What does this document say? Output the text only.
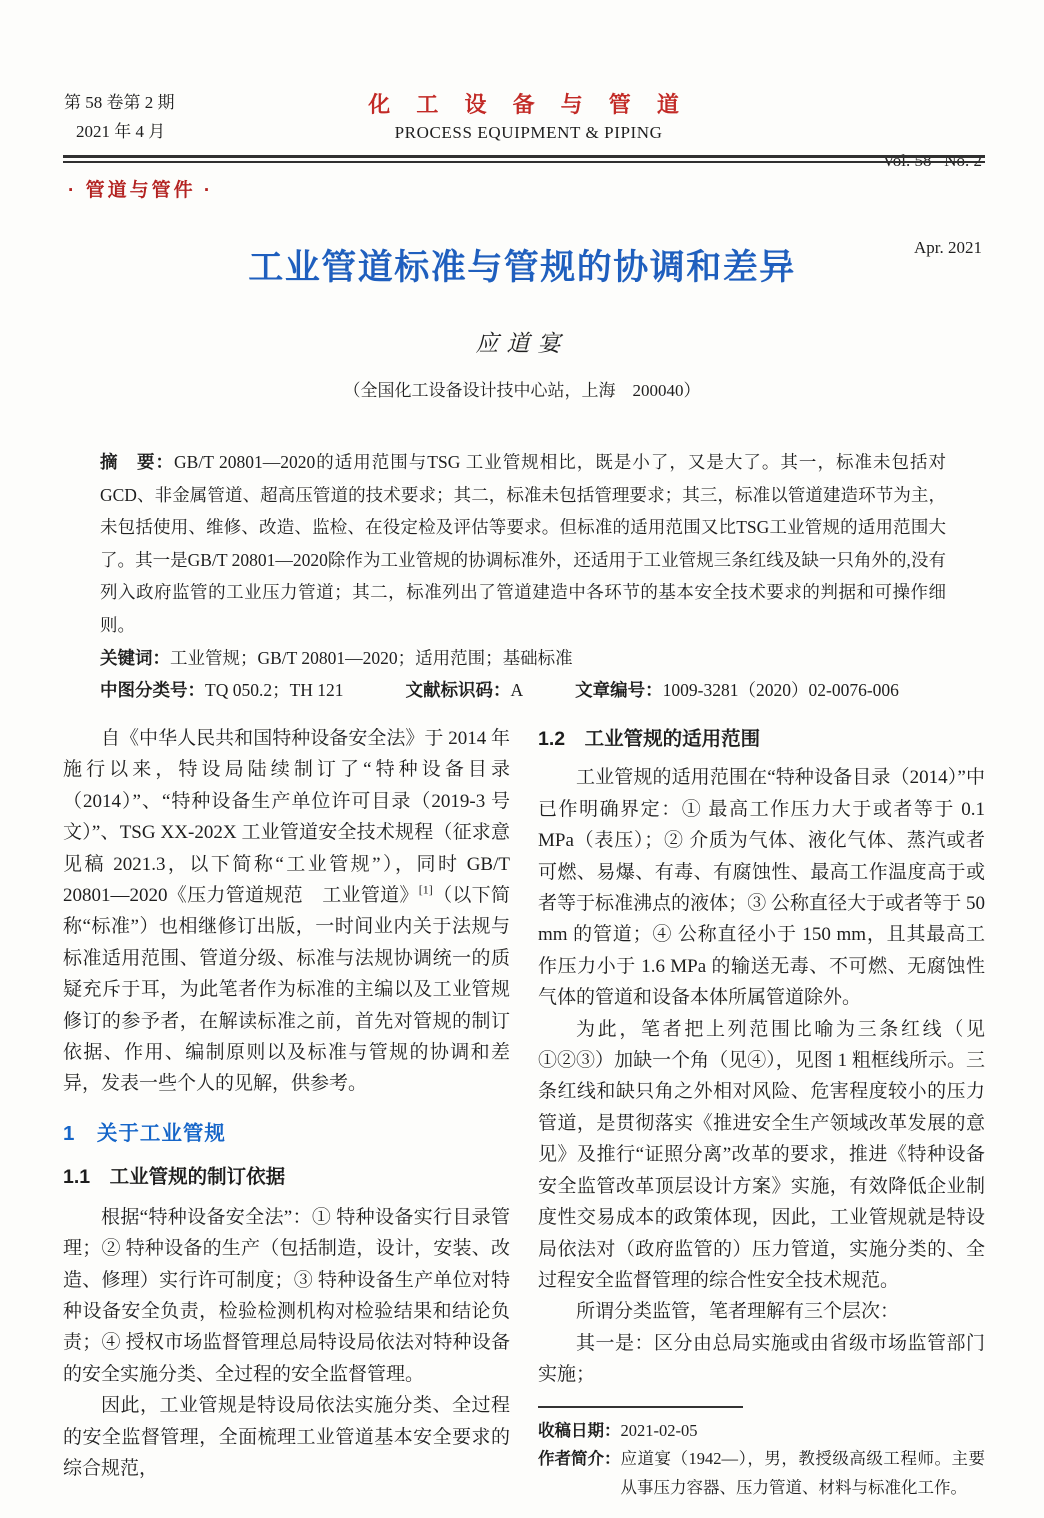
第 58 卷第 2 期
2021 年 4 月
化 工 设 备 与 管 道
PROCESS EQUIPMENT & PIPING

Vol. 58   No. 2

Apr. 2021

· 管道与管件 ·
工业管道标准与管规的协调和差异
应道宴
（全国化工设备设计技中心站，上海　200040）

摘　要：GB/T 20801—2020的适用范围与TSG 工业管规相比，既是小了，又是大了。其一，标准未包括对GCD、非金属管道、超高压管道的技术要求；其二，标准未包括管理要求；其三，标准以管道建造环节为主，未包括使用、维修、改造、监检、在役定检及评估等要求。但标准的适用范围又比TSG工业管规的适用范围大了。其一是GB/T 20801—2020除作为工业管规的协调标准外，还适用于工业管规三条红线及缺一只角外的,没有列入政府监管的工业压力管道；其二，标准列出了管道建造中各环节的基本安全技术要求的判据和可操作细则。

关键词：工业管规；GB/T 20801—2020；适用范围；基础标准

中图分类号：TQ 050.2；TH 121	文献标识码：A	文章编号：1009-3281（2020）02-0076-006

自《中华人民共和国特种设备安全法》于 2014 年施行以来，特设局陆续制订了“特种设备目录（2014）”、“特种设备生产单位许可目录（2019-3 号文）”、TSG XX-202X 工业管道安全技术规程（征求意见稿 2021.3，以下简称“工业管规”），同时 GB/T 20801—2020《压力管道规范　工业管道》[1]（以下简称“标准”）也相继修订出版，一时间业内关于法规与标准适用范围、管道分级、标准与法规协调统一的质疑充斥于耳，为此笔者作为标准的主编以及工业管规修订的参予者，在解读标准之前，首先对管规的制订依据、作用、编制原则以及标准与管规的协调和差异，发表一些个人的见解，供参考。

1　关于工业管规
1.1　工业管规的制订依据

根据“特种设备安全法”：① 特种设备实行目录管理；② 特种设备的生产（包括制造，设计，安装、改造、修理）实行许可制度；③ 特种设备生产单位对特种设备安全负责，检验检测机构对检验结果和结论负责；④ 授权市场监督管理总局特设局依法对特种设备的安全实施分类、全过程的安全监督管理。

因此，工业管规是特设局依法实施分类、全过程的安全监督管理，全面梳理工业管道基本安全要求的综合规范，

1.2　工业管规的适用范围

工业管规的适用范围在“特种设备目录（2014）”中已作明确界定：① 最高工作压力大于或者等于 0.1 MPa（表压）；② 介质为气体、液化气体、蒸汽或者可燃、易爆、有毒、有腐蚀性、最高工作温度高于或者等于标准沸点的液体；③ 公称直径大于或者等于 50 mm 的管道；④ 公称直径小于 150 mm，且其最高工作压力小于 1.6 MPa 的输送无毒、不可燃、无腐蚀性气体的管道和设备本体所属管道除外。

为此，笔者把上列范围比喻为三条红线（见①②③）加缺一个角（见④），见图 1 粗框线所示。三条红线和缺只角之外相对风险、危害程度较小的压力管道，是贯彻落实《推进安全生产领域改革发展的意见》及推行“证照分离”改革的要求，推进《特种设备安全监管改革顶层设计方案》实施，有效降低企业制度性交易成本的政策体现，因此，工业管规就是特设局依法对（政府监管的）压力管道，实施分类的、全过程安全监督管理的综合性安全技术规范。

所谓分类监管，笔者理解有三个层次：

其一是：区分由总局实施或由省级市场监管部门实施；

收稿日期： 2021-02-05
作者简介： 应道宴（1942—），男，教授级高级工程师。主要从事压力容器、压力管道、材料与标准化工作。
